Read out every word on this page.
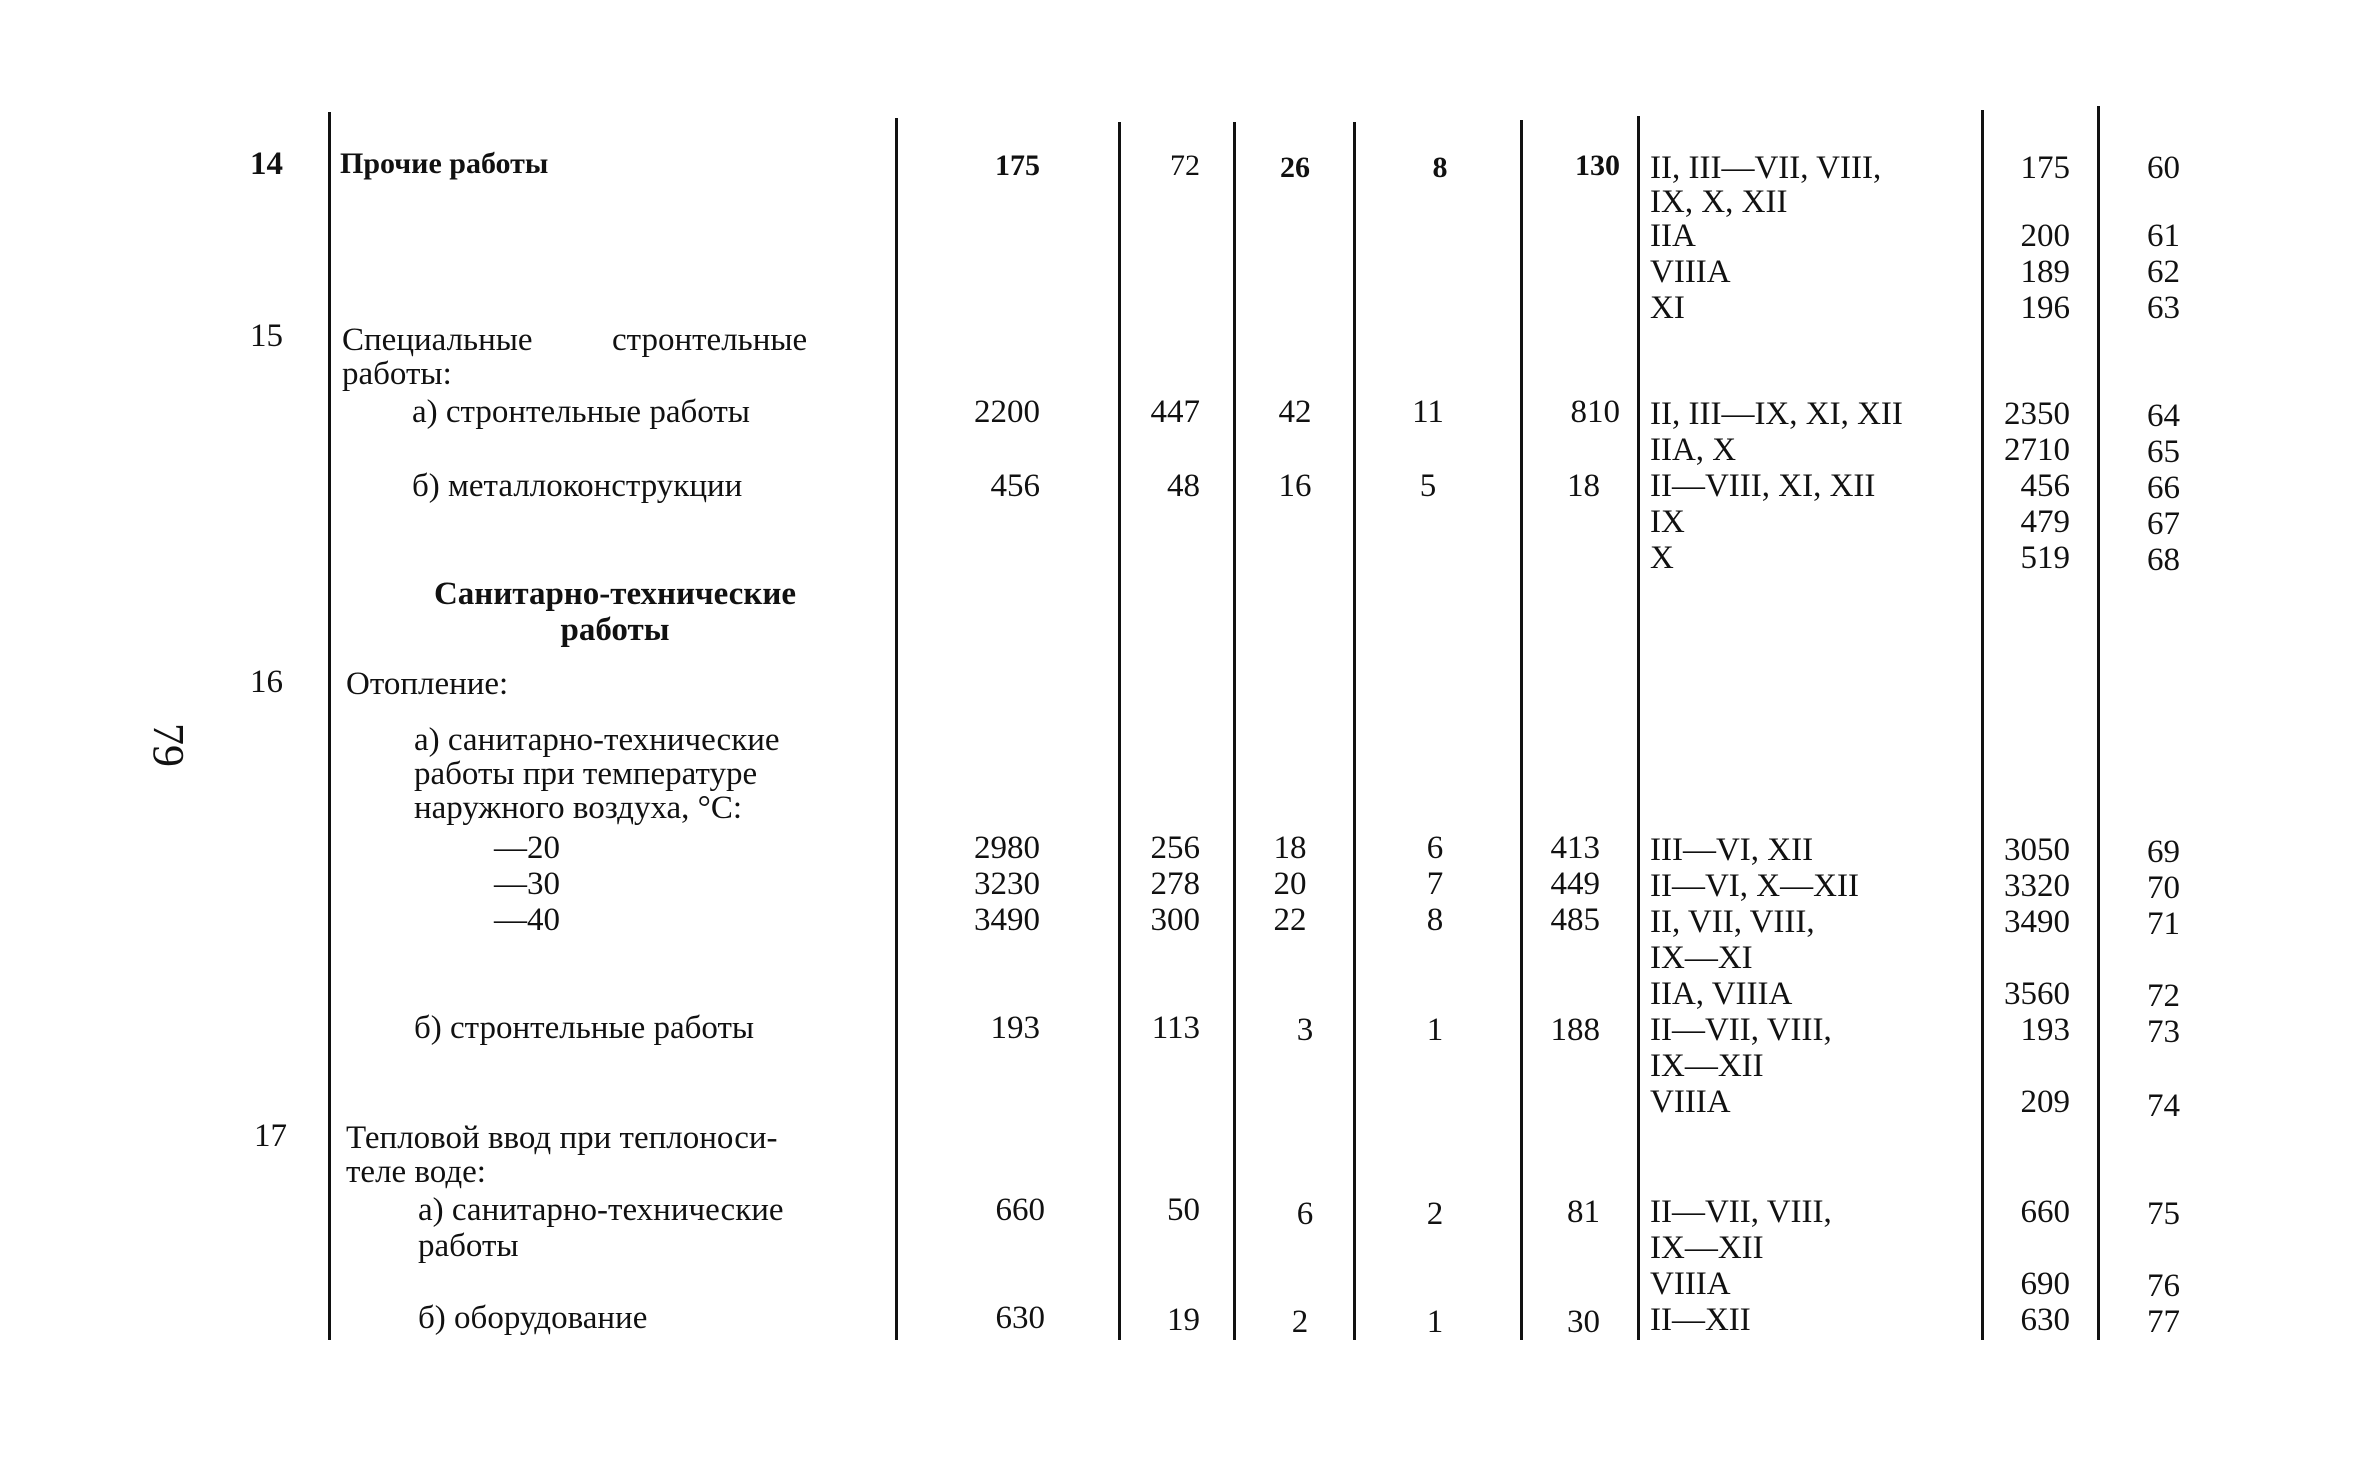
79
14 Прочие работы	175	72	26	8	130 II, III—VII, VIII,	175	60
IX, X, XII
IIA	200	61
VIIIA	189	62
XI	196	63
15 Специальные стронтельные
работы:
а) стронтельные работы	2200	447	42	11	810 II, III—IX, XI, XII	2350	64
IIA, X	2710	65
б) металлоконструкции	456	48	16	5	18 II—VIII, XI, XII	456	66
IX	479	67
X	519	68
Санитарно-технические
работы
16 Отопление:
а) санитарно-технические
работы при температуре
наружного воздуха, °С:
—20	2980	256	18	6	413 III—VI, XII	3050	69
—30	3230	278	20	7	449 II—VI, X—XII	3320	70
—40	3490	300	22	8	485 II, VII, VIII,	3490	71
IX—XI
IIA, VIIIA	3560	72
б) стронтельные работы	193	113	3	1	188 II—VII, VIII,	193	73
IX—XII
VIIIA	209	74
17 Тепловой ввод при теплоноси-
теле воде:
а) санитарно-технические
работы
660	50	6	2	81 II—VII, VIII,	660	75
IX—XII
VIIIA	690	76
б) оборудование	630	19	2	1	30 II—XII	630	77
